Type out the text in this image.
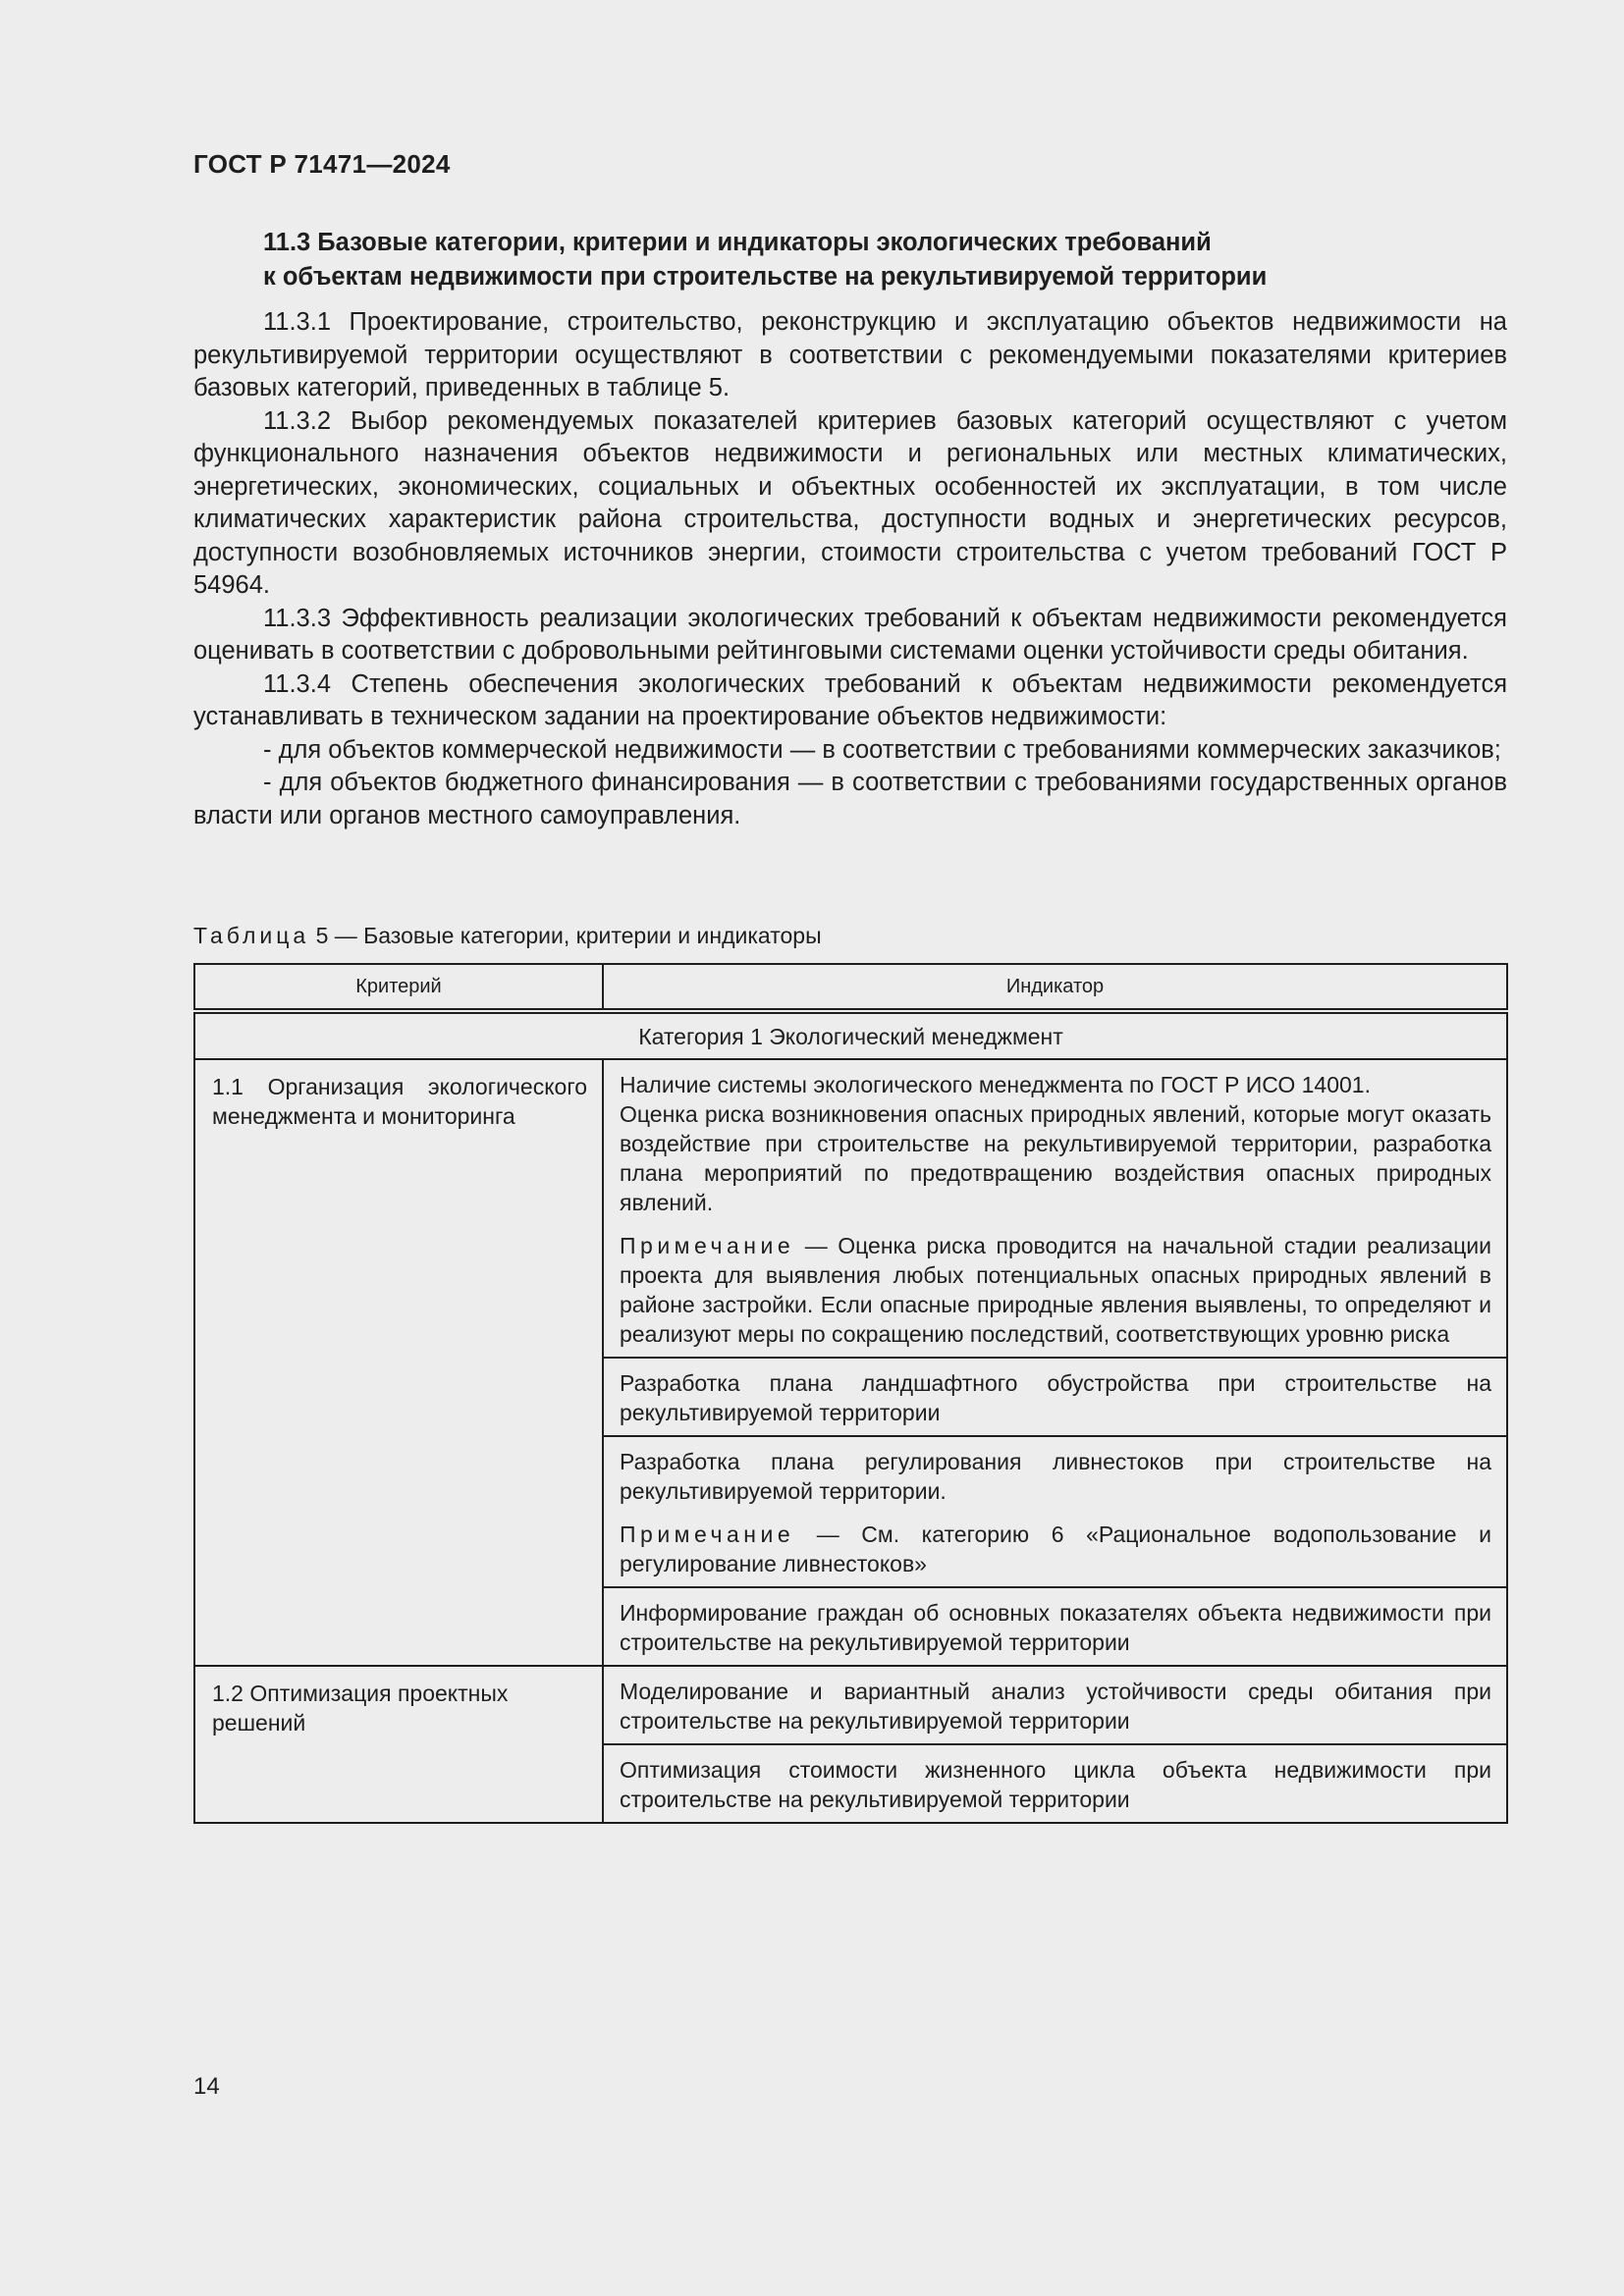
ГОСТ Р 71471—2024
11.3 Базовые категории, критерии и индикаторы экологических требований
к объектам недвижимости при строительстве на рекультивируемой территории

11.3.1 Проектирование, строительство, реконструкцию и эксплуатацию объектов недвижимости на рекультивируемой территории осуществляют в соответствии с рекомендуемыми показателями критериев базовых категорий, приведенных в таблице 5.

11.3.2 Выбор рекомендуемых показателей критериев базовых категорий осуществляют с учетом функционального назначения объектов недвижимости и региональных или местных климатических, энергетических, экономических, социальных и объектных особенностей их эксплуатации, в том числе климатических характеристик района строительства, доступности водных и энергетических ресурсов, доступности возобновляемых источников энергии, стоимости строительства с учетом требований ГОСТ Р 54964.

11.3.3 Эффективность реализации экологических требований к объектам недвижимости рекомендуется оценивать в соответствии с добровольными рейтинговыми системами оценки устойчивости среды обитания.

11.3.4 Степень обеспечения экологических требований к объектам недвижимости рекомендуется устанавливать в техническом задании на проектирование объектов недвижимости:

- для объектов коммерческой недвижимости — в соответствии с требованиями коммерческих заказчиков;

- для объектов бюджетного финансирования — в соответствии с требованиями государственных органов власти или органов местного самоуправления.

Таблица 5 — Базовые категории, критерии и индикаторы
Критерий	Индикатор
Категория 1 Экологический менеджмент	

1.1 Организация экологического менеджмента и мониторинга	Наличие системы экологического менеджмента по ГОСТ Р ИСО 14001.

Оценка риска возникновения опасных природных явлений, которые могут оказать воздействие при строительстве на рекультивируемой территории, разработка плана мероприятий по предотвращению воздействия опасных природных явлений.

Примечание — Оценка риска проводится на начальной стадии реализации проекта для выявления любых потенциальных опасных природных явлений в районе застройки. Если опасные природные явления выявлены, то определяют и реализуют меры по сокращению последствий, соответствующих уровню риска

	Разработка плана ландшафтного обустройства при строительстве на рекультивируемой территории

	Разработка плана регулирования ливнестоков при строительстве на рекультивируемой территории.

Примечание — См. категорию 6 «Рациональное водопользование и регулирование ливнестоков»

	Информирование граждан об основных показателях объекта недвижимости при строительстве на рекультивируемой территории

1.2 Оптимизация проектных решений	Моделирование и вариантный анализ устойчивости среды обитания при строительстве на рекультивируемой территории

	Оптимизация стоимости жизненного цикла объекта недвижимости при строительстве на рекультивируемой территории

14
